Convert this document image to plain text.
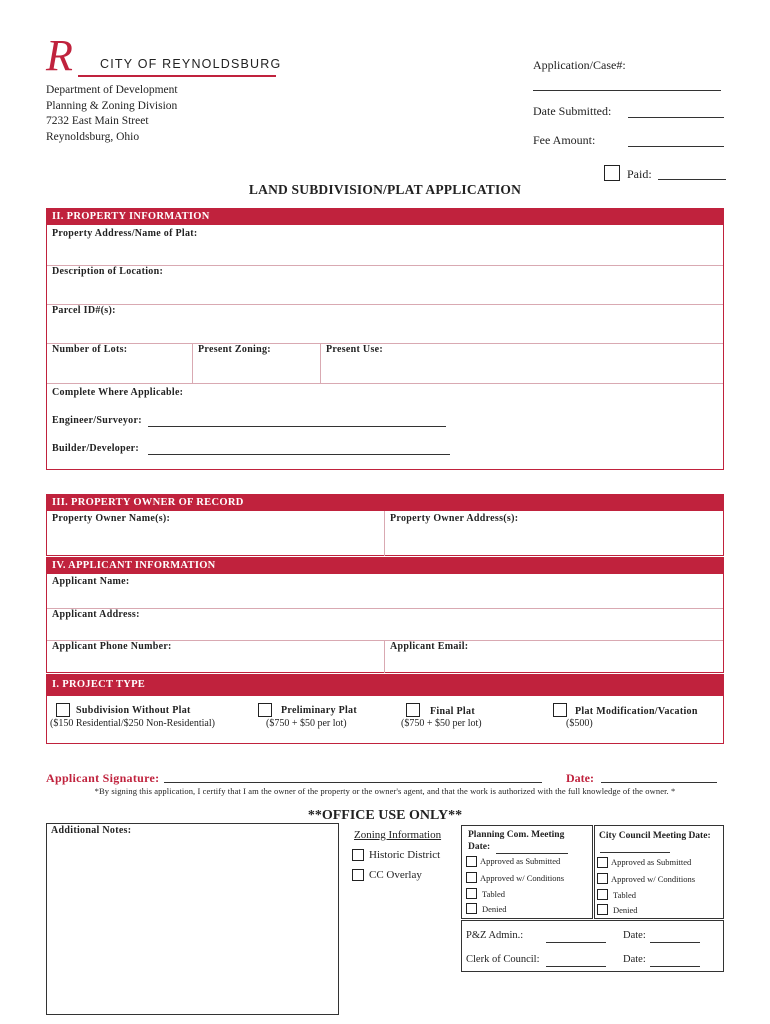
R CITY OF REYNOLDSBURG
Department of Development
Planning & Zoning Division
7232 East Main Street
Reynoldsburg, Ohio
Application/Case#:
Date Submitted:
Fee Amount:
Paid:
LAND SUBDIVISION/PLAT APPLICATION
II. PROPERTY INFORMATION
Property Address/Name of Plat:
Description of Location:
Parcel ID#(s):
Number of Lots:	Present Zoning:	Present Use:
Complete Where Applicable:
Engineer/Surveyor:
Builder/Developer:
III. PROPERTY OWNER OF RECORD
Property Owner Name(s):	Property Owner Address(s):
IV. APPLICANT INFORMATION
Applicant Name:
Applicant Address:
Applicant Phone Number:	Applicant Email:
I. PROJECT TYPE
Subdivision Without Plat
($150 Residential/$250 Non-Residential)
Preliminary Plat
($750 + $50 per lot)
Final Plat
($750 + $50 per lot)
Plat Modification/Vacation
($500)
Applicant Signature:	Date:
*By signing this application, I certify that I am the owner of the property or the owner's agent, and that the work is authorized with the full knowledge of the owner. *
**OFFICE USE ONLY**
Additional Notes:	Zoning Information
Historic District
CC Overlay
Planning Com. Meeting
Date:
Approved as Submitted
Approved w/ Conditions
Tabled
Denied
City Council Meeting Date:
Approved as Submitted
Approved w/ Conditions
Tabled
Denied
P&Z Admin.:	Date:
Clerk of Council:	Date:
